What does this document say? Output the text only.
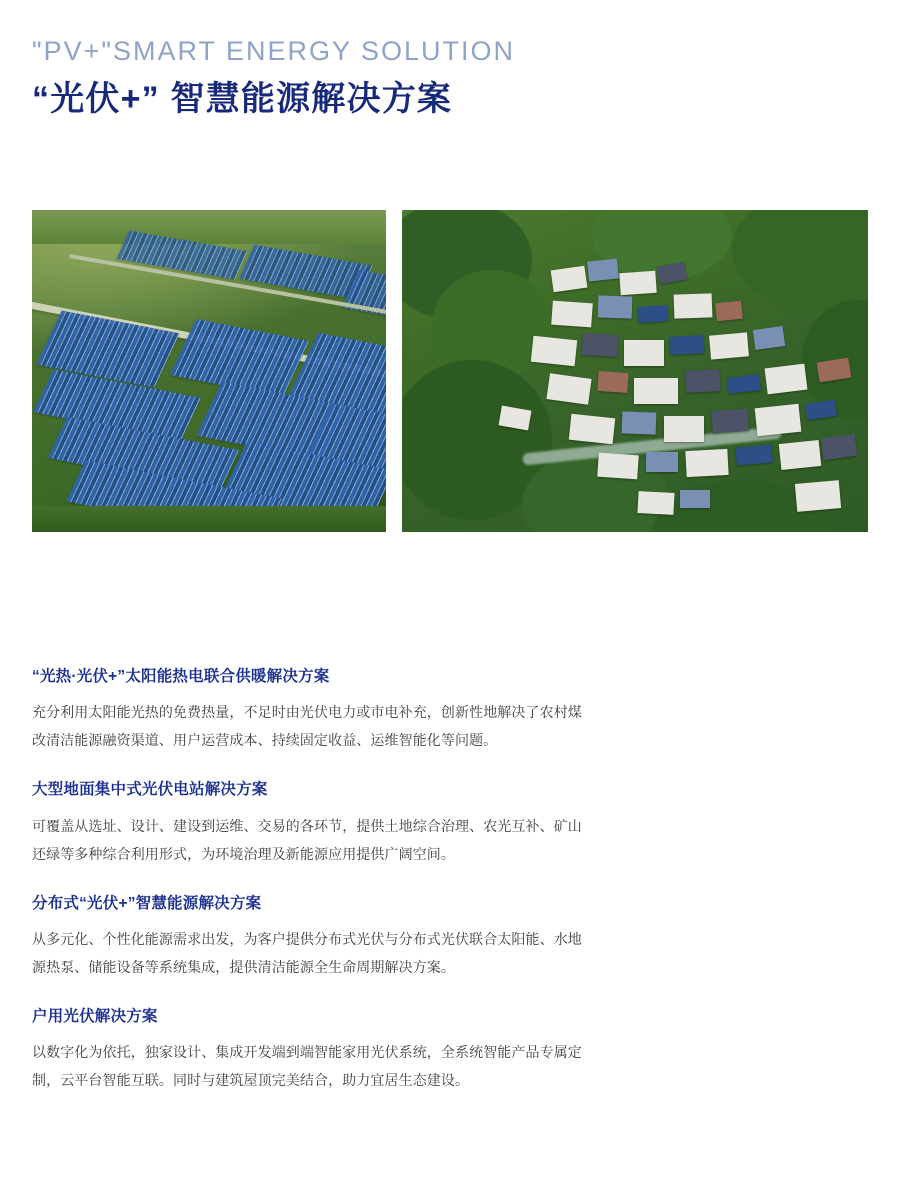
"PV+"SMART ENERGY SOLUTION
“光伏+” 智慧能源解决方案
“光热·光伏+”太阳能热电联合供暖解决方案
充分利用太阳能光热的免费热量，不足时由光伏电力或市电补充，创新性地解决了农村煤改清洁能源融资渠道、用户运营成本、持续固定收益、运维智能化等问题。
大型地面集中式光伏电站解决方案
可覆盖从选址、设计、建设到运维、交易的各环节，提供土地综合治理、农光互补、矿山还绿等多种综合利用形式，为环境治理及新能源应用提供广阔空间。
分布式“光伏+”智慧能源解决方案
从多元化、个性化能源需求出发，为客户提供分布式光伏与分布式光伏联合太阳能、水地源热泵、储能设备等系统集成，提供清洁能源全生命周期解决方案。
户用光伏解决方案
以数字化为依托，独家设计、集成开发端到端智能家用光伏系统，全系统智能产品专属定制，云平台智能互联。同时与建筑屋顶完美结合，助力宜居生态建设。
